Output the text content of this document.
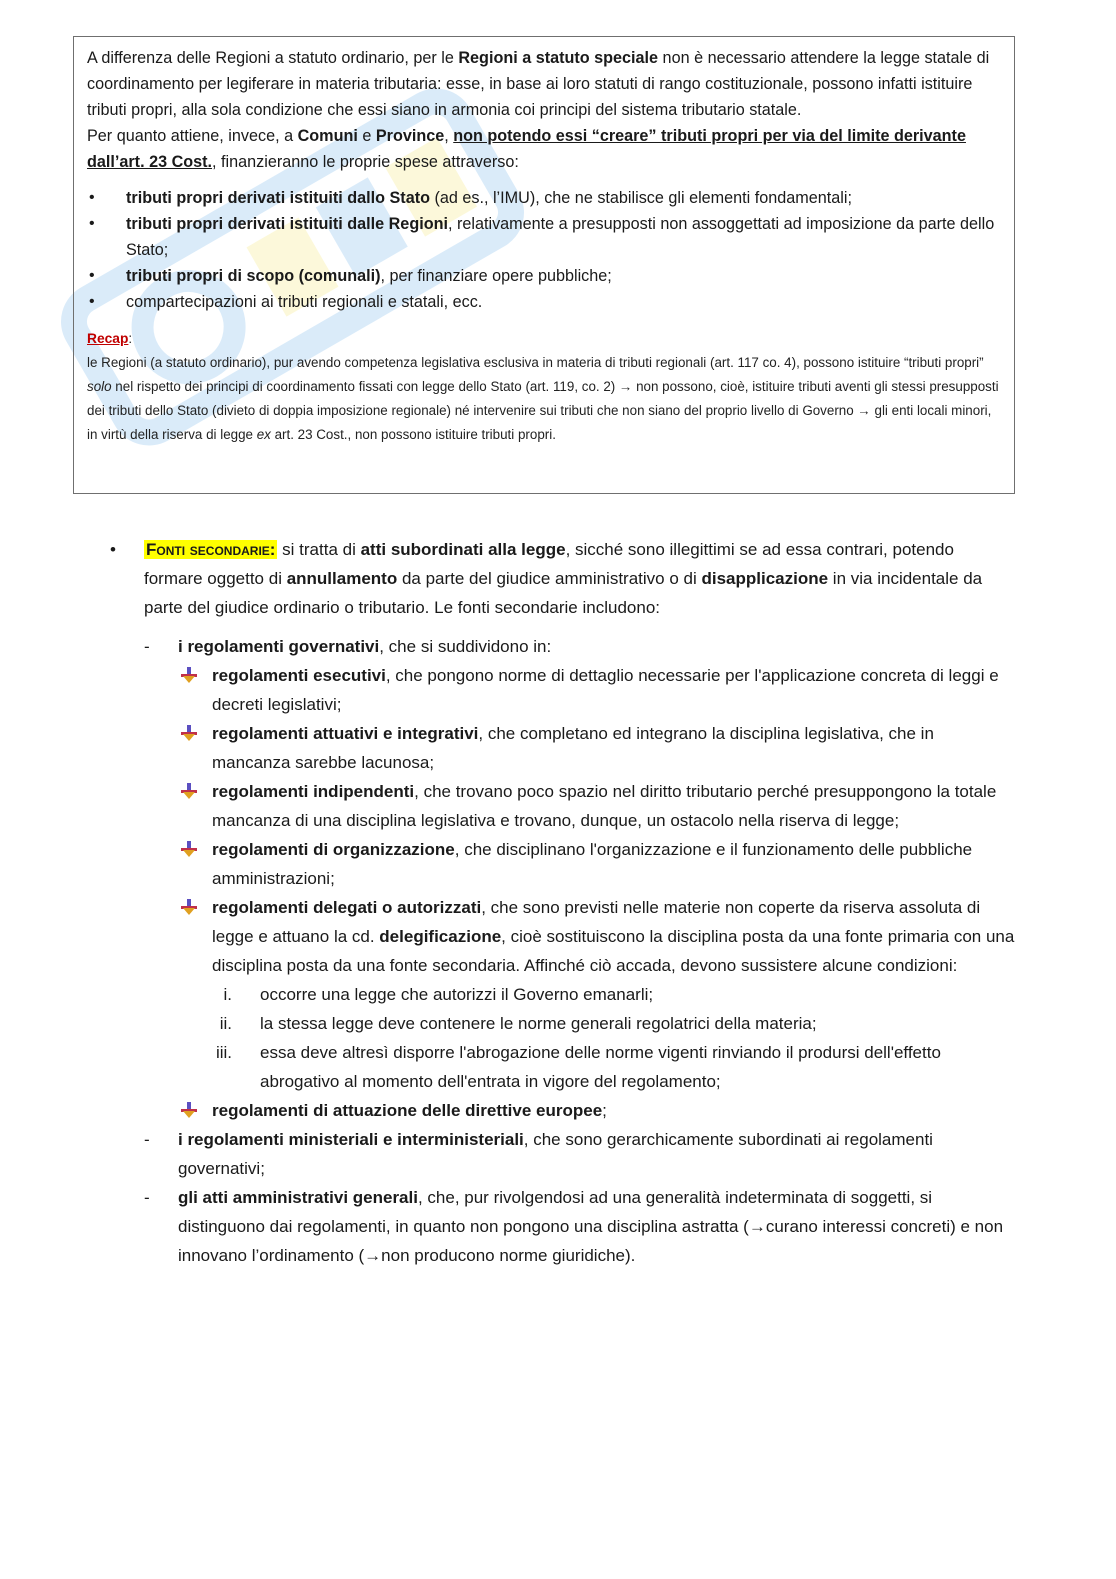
A differenza delle Regioni a statuto ordinario, per le Regioni a statuto speciale non è necessario attendere la legge statale di coordinamento per legiferare in materia tributaria: esse, in base ai loro statuti di rango costituzionale, possono infatti istituire tributi propri, alla sola condizione che essi siano in armonia coi principi del sistema tributario statale.

Per quanto attiene, invece, a Comuni e Province, non potendo essi “creare” tributi propri per via del limite derivante dall’art. 23 Cost., finanzieranno le proprie spese attraverso:

• tributi propri derivati istituiti dallo Stato (ad es., l’IMU), che ne stabilisce gli elementi fondamentali;
• tributi propri derivati istituiti dalle Regioni, relativamente a presupposti non assoggettati ad imposizione da parte dello Stato;
• tributi propri di scopo (comunali), per finanziare opere pubbliche;
• compartecipazioni ai tributi regionali e statali, ecc.
Recap:
le Regioni (a statuto ordinario), pur avendo competenza legislativa esclusiva in materia di tributi regionali (art. 117 co. 4), possono istituire “tributi propri” solo nel rispetto dei principi di coordinamento fissati con legge dello Stato (art. 119, co. 2) → non possono, cioè, istituire tributi aventi gli stessi presupposti dei tributi dello Stato (divieto di doppia imposizione regionale) né intervenire sui tributi che non siano del proprio livello di Governo → gli enti locali minori, in virtù della riserva di legge ex art. 23 Cost., non possono istituire tributi propri.
• Fonti secondarie: si tratta di atti subordinati alla legge, sicché sono illegittimi se ad essa contrari, potendo formare oggetto di annullamento da parte del giudice amministrativo o di disapplicazione in via incidentale da parte del giudice ordinario o tributario. Le fonti secondarie includono:
- i regolamenti governativi, che si suddividono in:
regolamenti esecutivi, che pongono norme di dettaglio necessarie per l'applicazione concreta di leggi e decreti legislativi;
regolamenti attuativi e integrativi, che completano ed integrano la disciplina legislativa, che in mancanza sarebbe lacunosa;
regolamenti indipendenti, che trovano poco spazio nel diritto tributario perché presuppongono la totale mancanza di una disciplina legislativa e trovano, dunque, un ostacolo nella riserva di legge;
regolamenti di organizzazione, che disciplinano l'organizzazione e il funzionamento delle pubbliche amministrazioni;
regolamenti delegati o autorizzati, che sono previsti nelle materie non coperte da riserva assoluta di legge e attuano la cd. delegificazione, cioè sostituiscono la disciplina posta da una fonte primaria con una disciplina posta da una fonte secondaria. Affinché ciò accada, devono sussistere alcune condizioni:
i. occorre una legge che autorizzi il Governo emanarli;
ii. la stessa legge deve contenere le norme generali regolatrici della materia;
iii. essa deve altresì disporre l'abrogazione delle norme vigenti rinviando il prodursi dell'effetto abrogativo al momento dell'entrata in vigore del regolamento;
regolamenti di attuazione delle direttive europee;
- i regolamenti ministeriali e interministeriali, che sono gerarchicamente subordinati ai regolamenti governativi;
- gli atti amministrativi generali, che, pur rivolgendosi ad una generalità indeterminata di soggetti, si distinguono dai regolamenti, in quanto non pongono una disciplina astratta (→curano interessi concreti) e non innovano l’ordinamento (→non producono norme giuridiche).
